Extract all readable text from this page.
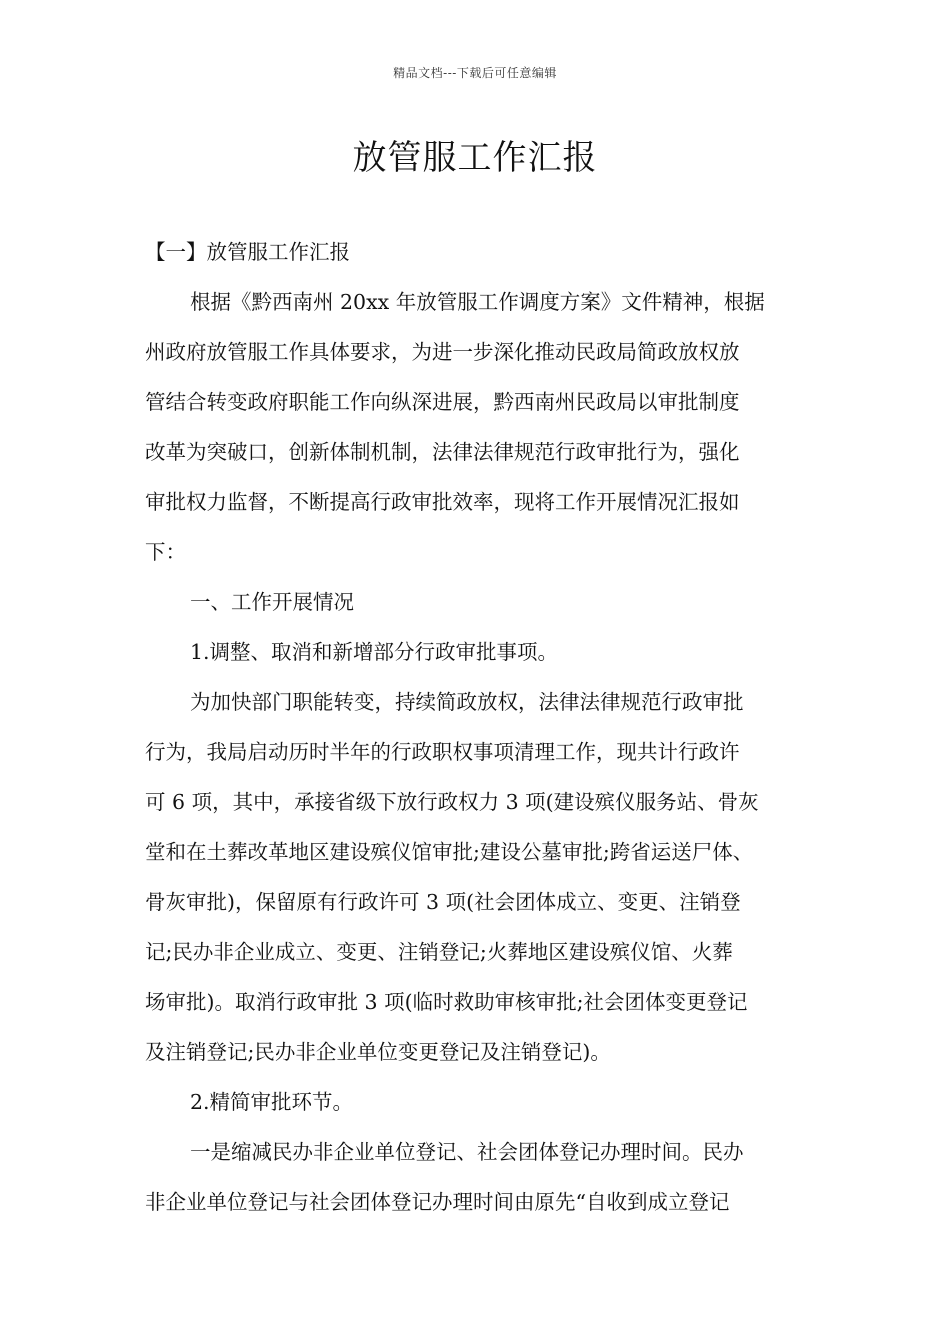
精品文档---下载后可任意编辑
放管服工作汇报
【一】放管服工作汇报
根据《黔西南州 20xx 年放管服工作调度方案》文件精神，根据
州政府放管服工作具体要求，为进一步深化推动民政局简政放权放
管结合转变政府职能工作向纵深进展，黔西南州民政局以审批制度
改革为突破口，创新体制机制，法律法律规范行政审批行为，强化
审批权力监督，不断提高行政审批效率，现将工作开展情况汇报如
下：
一、工作开展情况
1.调整、取消和新增部分行政审批事项。
为加快部门职能转变，持续简政放权，法律法律规范行政审批
行为，我局启动历时半年的行政职权事项清理工作，现共计行政许
可 6 项，其中，承接省级下放行政权力 3 项(建设殡仪服务站、骨灰
堂和在土葬改革地区建设殡仪馆审批;建设公墓审批;跨省运送尸体、
骨灰审批)，保留原有行政许可 3 项(社会团体成立、变更、注销登
记;民办非企业成立、变更、注销登记;火葬地区建设殡仪馆、火葬
场审批)。取消行政审批 3 项(临时救助审核审批;社会团体变更登记
及注销登记;民办非企业单位变更登记及注销登记)。
2.精简审批环节。
一是缩减民办非企业单位登记、社会团体登记办理时间。民办
非企业单位登记与社会团体登记办理时间由原先“自收到成立登记
